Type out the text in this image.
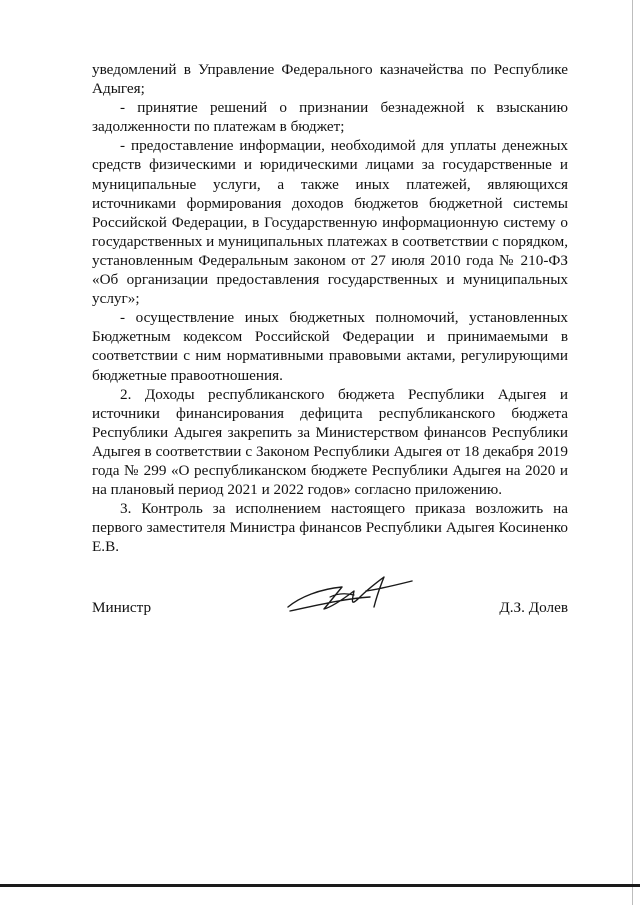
уведомлений в Управление Федерального казначейства по Республике Адыгея;

- принятие решений о признании безнадежной к взысканию задолженности по платежам в бюджет;

- предоставление информации, необходимой для уплаты денежных средств физическими и юридическими лицами за государственные и муниципальные услуги, а также иных платежей, являющихся источниками формирования доходов бюджетов бюджетной системы Российской Федерации, в Государственную информационную систему о государственных и муниципальных платежах в соответствии с порядком, установленным Федеральным законом от 27 июля 2010 года № 210-ФЗ «Об организации предоставления государственных и муниципальных услуг»;

- осуществление иных бюджетных полномочий, установленных Бюджетным кодексом Российской Федерации и принимаемыми в соответствии с ним нормативными правовыми актами, регулирующими бюджетные правоотношения.

2. Доходы республиканского бюджета Республики Адыгея и источники финансирования дефицита республиканского бюджета Республики Адыгея закрепить за Министерством финансов Республики Адыгея в соответствии с Законом Республики Адыгея от 18 декабря 2019 года № 299 «О республиканском бюджете Республики Адыгея на 2020 и на плановый период 2021 и 2022 годов» согласно приложению.

3. Контроль за исполнением настоящего приказа возложить на первого заместителя Министра финансов Республики Адыгея Косиненко Е.В.

Министр	Д.З. Долев
